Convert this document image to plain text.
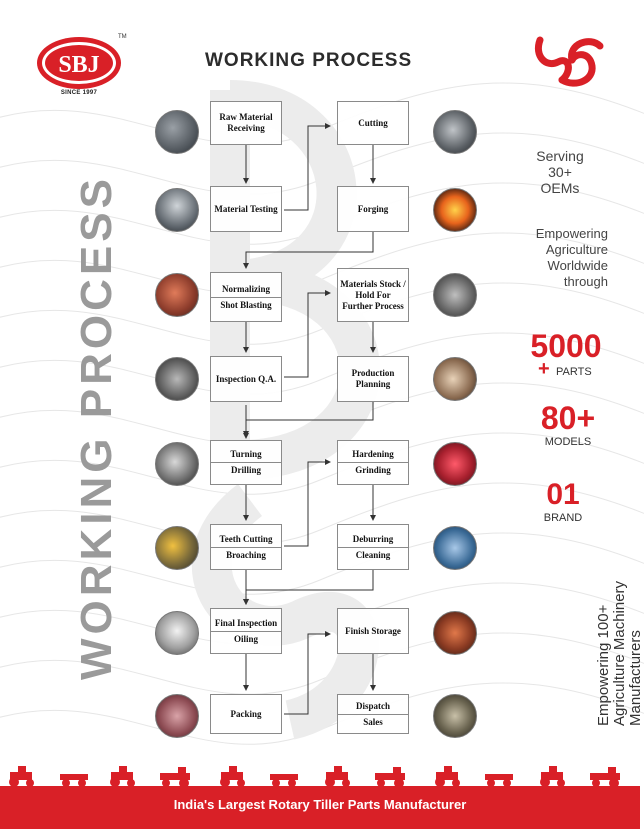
SBJ
TM
SINCE 1997
WORKING PROCESS
WORKING PROCESS
Raw Material Receiving
Material Testing
Normalizing
Shot Blasting
Inspection Q.A.
Turning
Drilling
Teeth Cutting
Broaching
Final Inspection
Oiling
Packing
Cutting
Forging
Materials Stock / Hold For Further Process
Production Planning
Hardening
Grinding
Deburring
Cleaning
Finish Storage
Dispatch
Sales
Serving
30+
OEMs
Empowering
Agriculture
Worldwide
through
5000
+ PARTS
80+
MODELS
01
BRAND
Empowering 100+ Agriculture Machinery Manufacturers
India's Largest Rotary Tiller Parts Manufacturer
